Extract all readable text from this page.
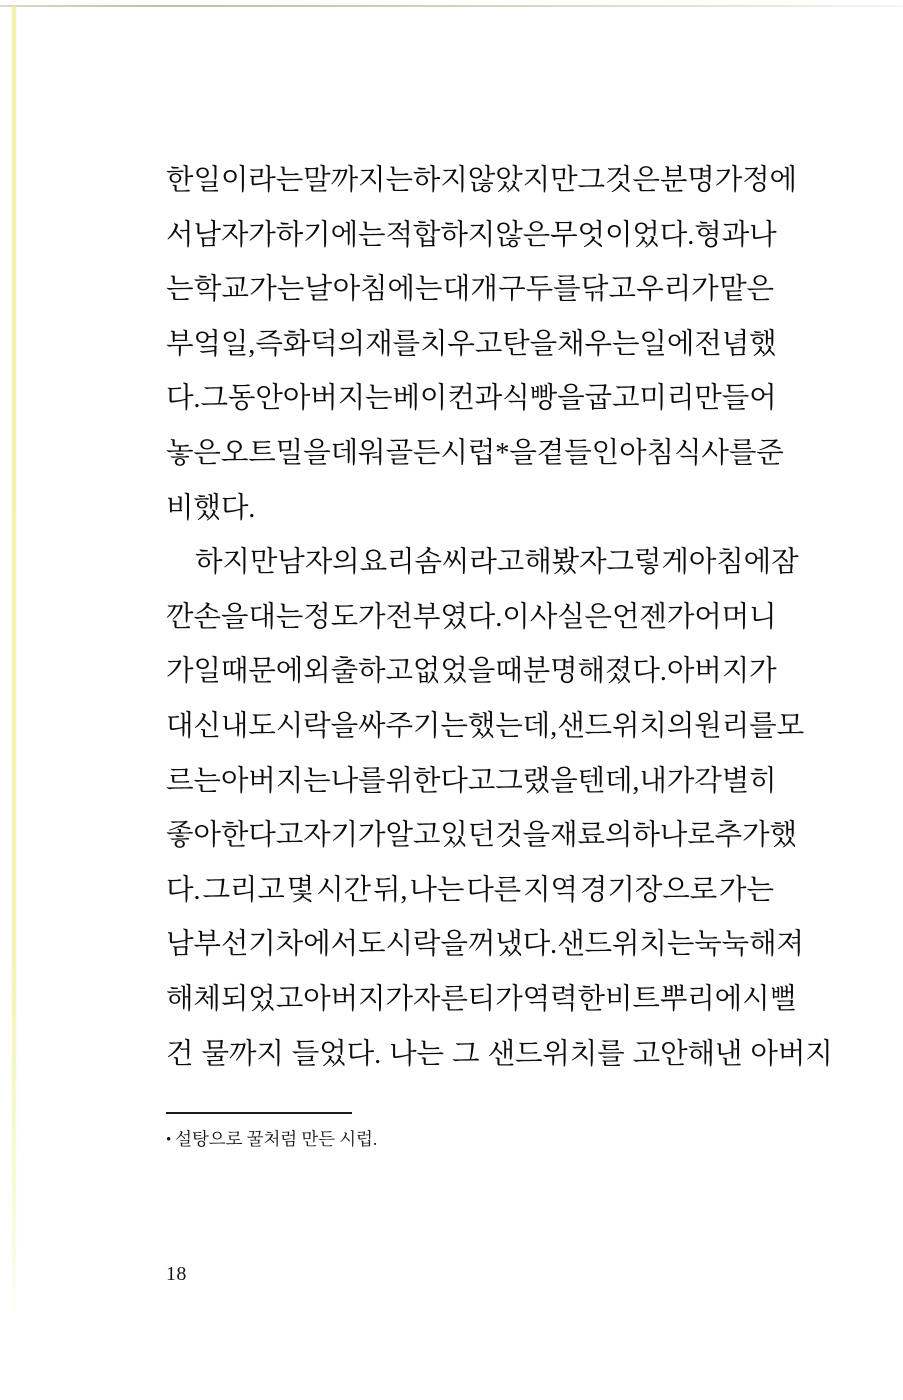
한 일이라는 말까지는 하지 않았지만 그것은 분명 가정에
서 남자가 하기에는 적합하지 않은 무엇이었다. 형과 나
는 학교 가는 날 아침에는 대개 구두를 닦고 우리가 맡은
부엌일, 즉 화덕의 재를 치우고 탄을 채우는 일에 전념했
다. 그동안 아버지는 베이컨과 식빵을 굽고 미리 만들어
놓은 오트밀을 데워 골든시럽*을 곁들인 아침 식사를 준
비했다.

하지만 남자의 요리 솜씨라고 해봤자 그렇게 아침에 잠
깐 손을 대는 정도가 전부였다. 이 사실은 언젠가 어머니
가 일 때문에 외출하고 없었을 때 분명해졌다. 아버지가
대신 내 도시락을 싸주기는 했는데, 샌드위치의 원리를 모
르는 아버지는 나를 위한다고 그랬을 텐데, 내가 각별히
좋아한다고 자기가 알고 있던 것을 재료의 하나로 추가했
다. 그리고 몇 시간 뒤, 나는 다른 지역 경기장으로 가는
남부선 기차에서 도시락을 꺼냈다. 샌드위치는 눅눅해져
해체되었고 아버지가 자른 티가 역력한 비트 뿌리에 시뻘
건 물까지 들었다. 나는 그 샌드위치를 고안해낸 아버지

• 설탕으로 꿀처럼 만든 시럽.
18
